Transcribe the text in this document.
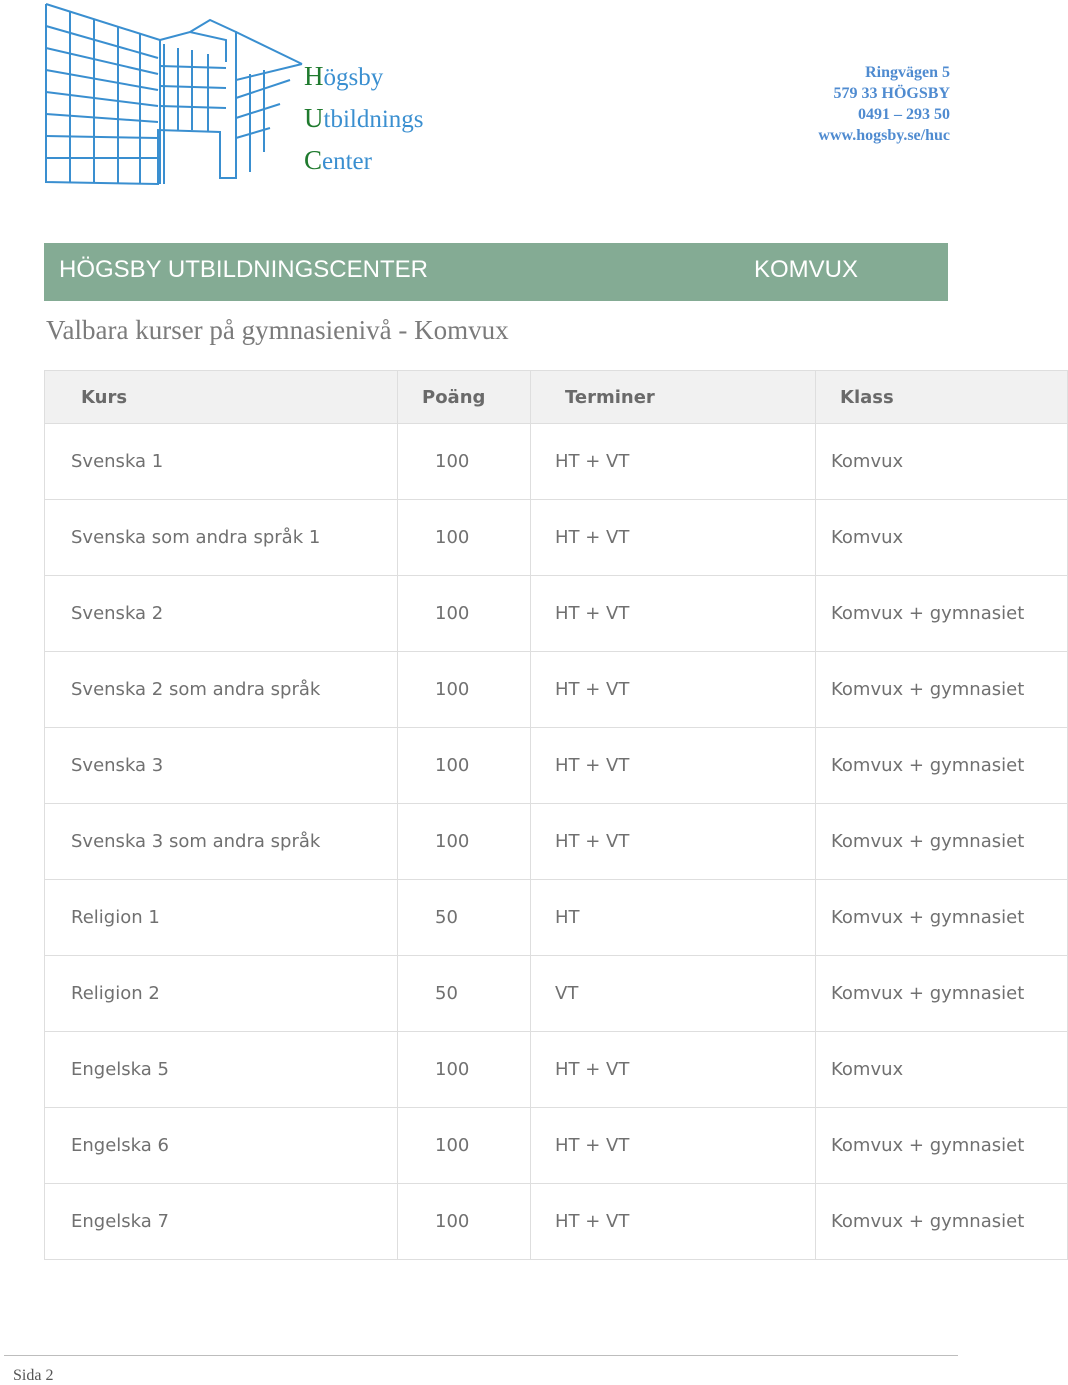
Högsby
Utbildnings
Center
Ringvägen 5
579 33 HÖGSBY
0491 – 293 50
www.hogsby.se/huc
HÖGSBY UTBILDNINGSCENTER	KOMVUX
Valbara kurser på gymnasienivå - Komvux
Kurs	Poäng	Terminer	Klass
Svenska 1	100	HT + VT	Komvux
Svenska som andra språk 1	100	HT + VT	Komvux
Svenska 2	100	HT + VT	Komvux + gymnasiet
Svenska 2 som andra språk	100	HT + VT	Komvux + gymnasiet
Svenska 3	100	HT + VT	Komvux + gymnasiet
Svenska 3 som andra språk	100	HT + VT	Komvux + gymnasiet
Religion 1	50	HT	Komvux + gymnasiet
Religion 2	50	VT	Komvux + gymnasiet
Engelska 5	100	HT + VT	Komvux
Engelska 6	100	HT + VT	Komvux + gymnasiet
Engelska 7	100	HT + VT	Komvux + gymnasiet
Sida 2
